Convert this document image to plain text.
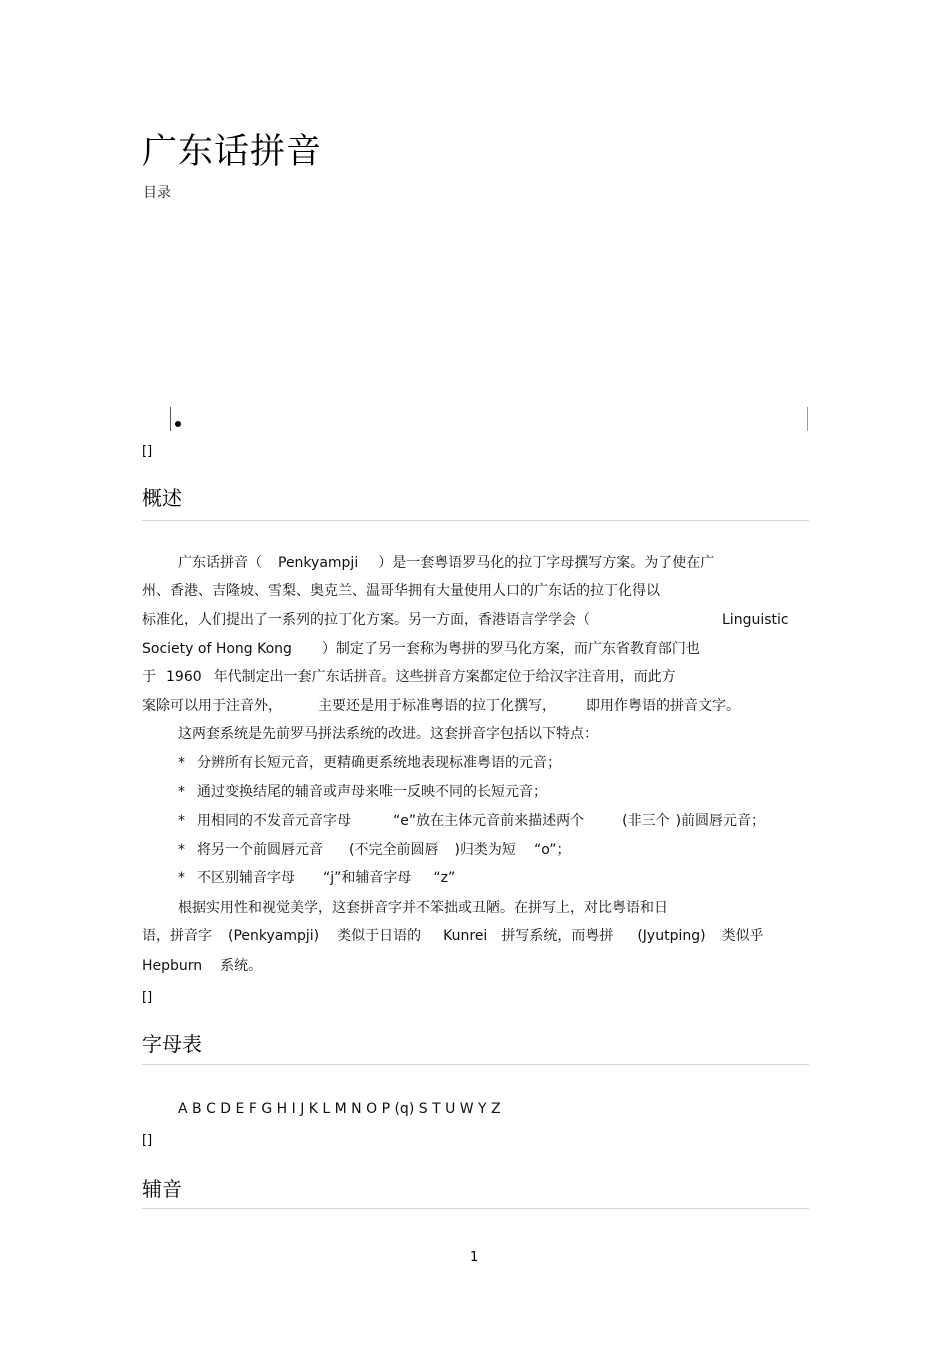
广东话拼音
目录
[]
概述
广东话拼音（ Penkyampji ）是一套粤语罗马化的拉丁字母撰写方案。为了使在广
州、香港、吉隆坡、雪梨、奥克兰、温哥华拥有大量使用人口的广东话的拉丁化得以
标准化，人们提出了一系列的拉丁化方案。另一方面，香港语言学学会（	Linguistic
Society of Hong Kong ）制定了另一套称为粤拼的罗马化方案，而广东省教育部门也
于 1960 年代制定出一套广东话拼音。这些拼音方案都定位于给汉字注音用，而此方
案除可以用于注音外，	主要还是用于标准粤语的拉丁化撰写， 即用作粤语的拼音文字。
这两套系统是先前罗马拼法系统的改进。这套拼音字包括以下特点：
* 分辨所有长短元音，更精确更系统地表现标准粤语的元音；
* 通过变换结尾的辅音或声母来唯一反映不同的长短元音；
* 用相同的不发音元音字母	“e”放在主体元音前来描述两个	(非三个 )前圆唇元音；
* 将另一个前圆唇元音 (不完全前圆唇 )归类为短 “o”；
* 不区别辅音字母 “j”和辅音字母 “z”
根据实用性和视觉美学，这套拼音字并不笨拙或丑陋。在拼写上，对比粤语和日
语，拼音字 (Penkyampji) 类似于日语的 Kunrei 拼写系统，而粤拼 (Jyutping) 类似乎
Hepburn 系统。
[]
字母表
A B C D E F G H I J K L M N O P (q) S T U W Y Z
[]
辅音
1
